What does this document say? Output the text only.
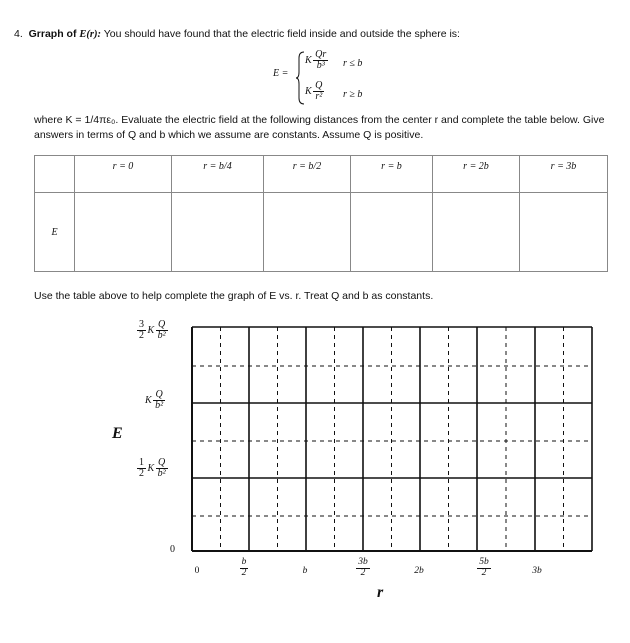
4. Grraph of E(r): You should have found that the electric field inside and outside the sphere is:
E =
K $\frac{Qr}{\text{b³}}$ r ≤ b
K $\frac{Q}{\text{r²}}$ r ≥ b
where K = 1/4πε₀. Evaluate the electric field at the following distances from the center r and complete the table below. Give answers in terms of Q and b which we assume are constants. Assume Q is positive.
	r = 0	r = b/4	r = b/2	r = b	r = 2b	r = 3b
E						
Use the table above to help complete the graph of E vs. r. Treat Q and b as constants.
E
r
$\frac{3}{2}$ K $\frac{Q}{\text{b²}}$
K $\frac{Q}{\text{b²}}$
$\frac{1}{2}$ K $\frac{Q}{\text{b²}}$
0
0	$\frac{b}{2}$	b	$\frac{3b}{2}$	2b	$\frac{5b}{2}$	3b
